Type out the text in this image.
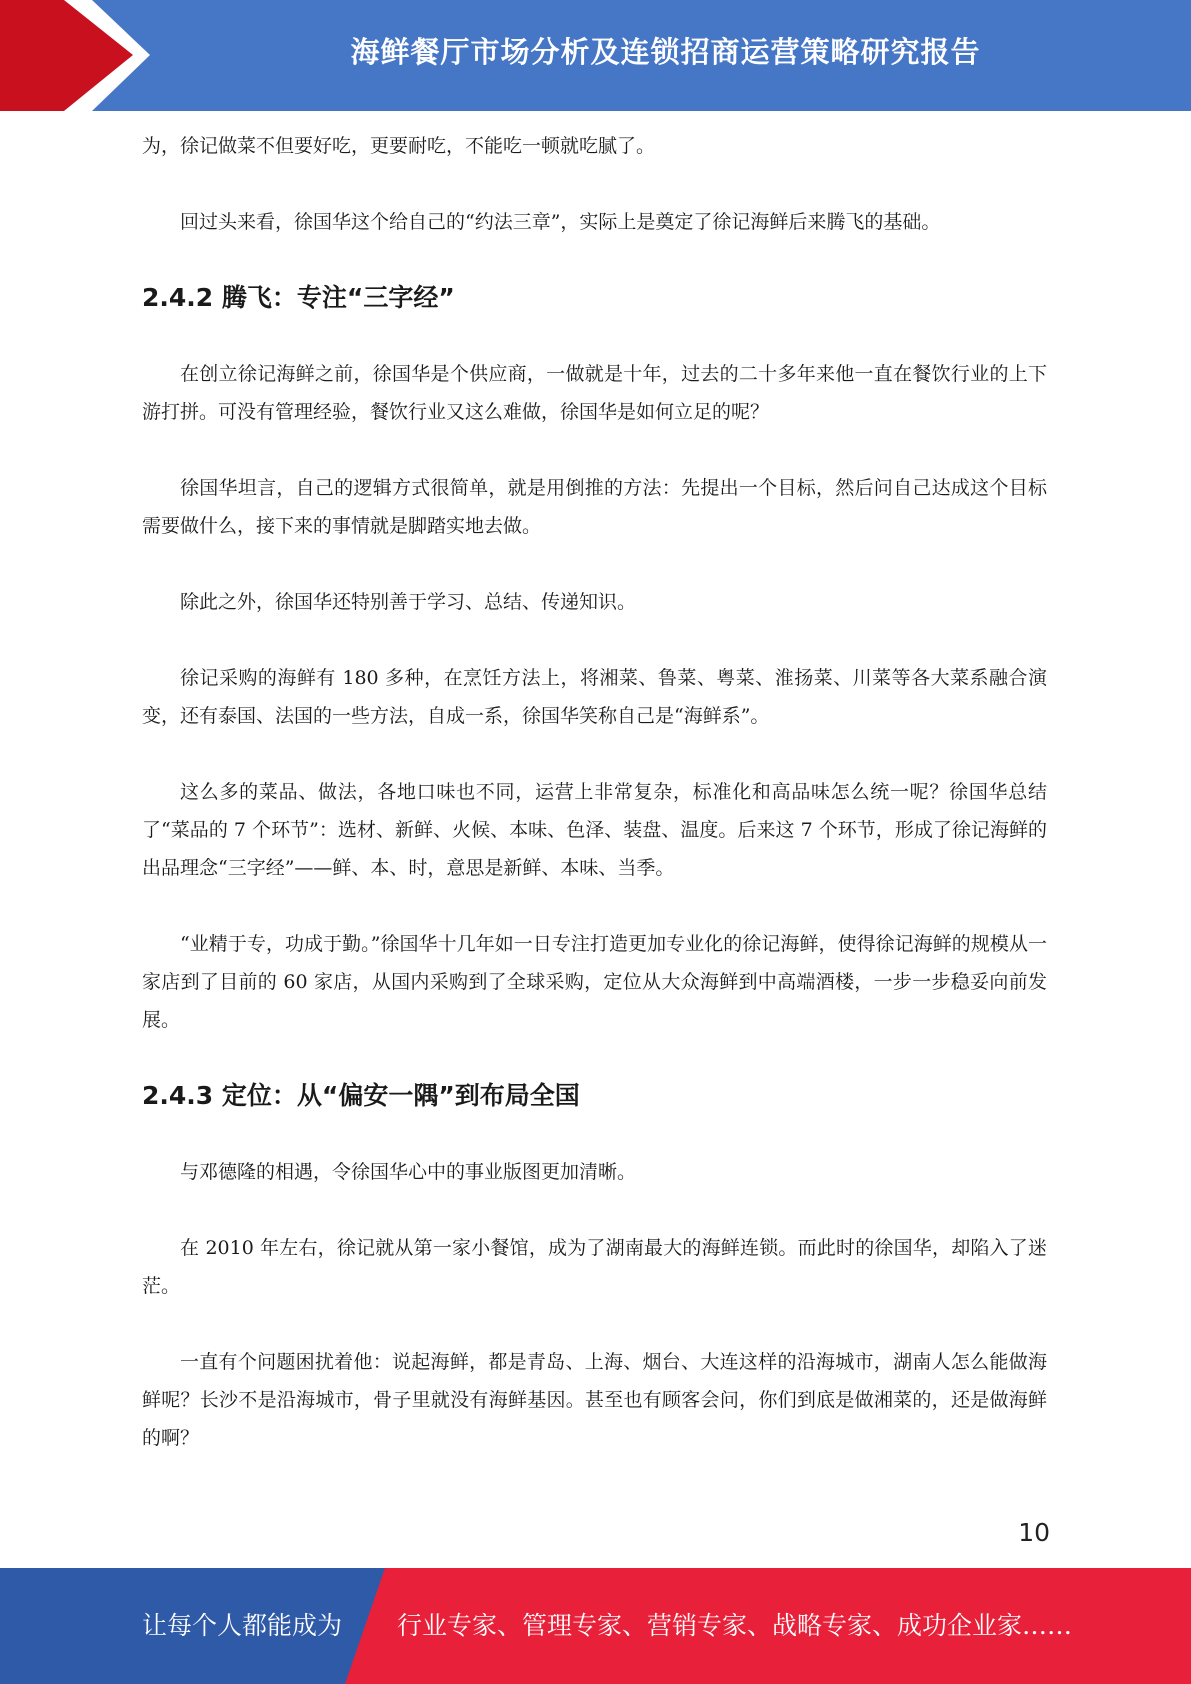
海鲜餐厅市场分析及连锁招商运营策略研究报告

为，徐记做菜不但要好吃，更要耐吃，不能吃一顿就吃腻了。

回过头来看，徐国华这个给自己的“约法三章”，实际上是奠定了徐记海鲜后来腾飞的基础。

2.4.2 腾飞：专注“三字经”

在创立徐记海鲜之前，徐国华是个供应商，一做就是十年，过去的二十多年来他一直在餐饮行业的上下游打拼。可没有管理经验，餐饮行业又这么难做，徐国华是如何立足的呢？

徐国华坦言，自己的逻辑方式很简单，就是用倒推的方法：先提出一个目标，然后问自己达成这个目标需要做什么，接下来的事情就是脚踏实地去做。

除此之外，徐国华还特别善于学习、总结、传递知识。

徐记采购的海鲜有 180 多种，在烹饪方法上，将湘菜、鲁菜、粤菜、淮扬菜、川菜等各大菜系融合演变，还有泰国、法国的一些方法，自成一系，徐国华笑称自己是“海鲜系”。

这么多的菜品、做法，各地口味也不同，运营上非常复杂，标准化和高品味怎么统一呢？徐国华总结了“菜品的 7 个环节”：选材、新鲜、火候、本味、色泽、装盘、温度。后来这 7 个环节，形成了徐记海鲜的出品理念“三字经”——鲜、本、时，意思是新鲜、本味、当季。

“业精于专，功成于勤。”徐国华十几年如一日专注打造更加专业化的徐记海鲜，使得徐记海鲜的规模从一家店到了目前的 60 家店，从国内采购到了全球采购，定位从大众海鲜到中高端酒楼，一步一步稳妥向前发展。

2.4.3 定位：从“偏安一隅”到布局全国

与邓德隆的相遇，令徐国华心中的事业版图更加清晰。

在 2010 年左右，徐记就从第一家小餐馆，成为了湖南最大的海鲜连锁。而此时的徐国华，却陷入了迷茫。

一直有个问题困扰着他：说起海鲜，都是青岛、上海、烟台、大连这样的沿海城市，湖南人怎么能做海鲜呢？长沙不是沿海城市，骨子里就没有海鲜基因。甚至也有顾客会问，你们到底是做湘菜的，还是做海鲜的啊？

10
让每个人都能成为 行业专家、管理专家、营销专家、战略专家、成功企业家……
